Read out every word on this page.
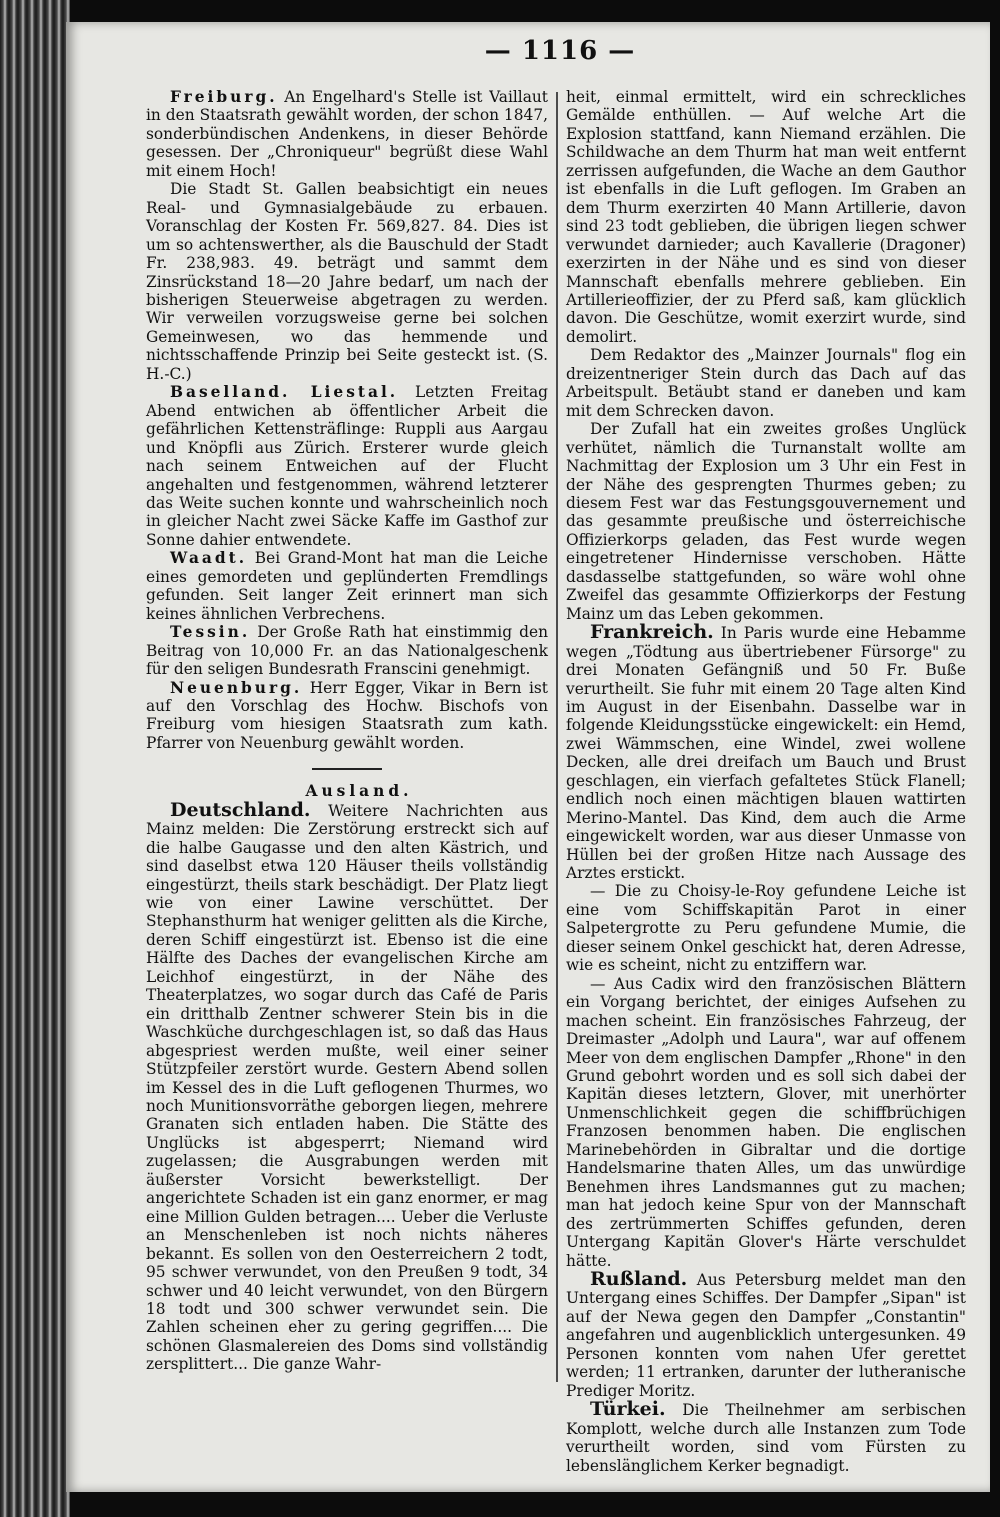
— 1116 —

Freiburg. An Engelhard's Stelle ist Vaillaut in den Staatsrath gewählt worden, der schon 1847, sonderbündischen Andenkens, in dieser Behörde gesessen. Der „Chroniqueur" begrüßt diese Wahl mit einem Hoch!

Die Stadt St. Gallen beabsichtigt ein neues Real- und Gymnasialgebäude zu erbauen. Voranschlag der Kosten Fr. 569,827. 84. Dies ist um so achtenswerther, als die Bauschuld der Stadt Fr. 238,983. 49. beträgt und sammt dem Zinsrückstand 18—20 Jahre bedarf, um nach der bisherigen Steuerweise abgetragen zu werden. Wir verweilen vorzugsweise gerne bei solchen Gemeinwesen, wo das hemmende und nichtsschaffende Prinzip bei Seite gesteckt ist. (S. H.-C.)

Baselland. Liestal. Letzten Freitag Abend entwichen ab öffentlicher Arbeit die gefährlichen Kettensträflinge: Ruppli aus Aargau und Knöpfli aus Zürich. Ersterer wurde gleich nach seinem Entweichen auf der Flucht angehalten und festgenommen, während letzterer das Weite suchen konnte und wahrscheinlich noch in gleicher Nacht zwei Säcke Kaffe im Gasthof zur Sonne dahier entwendete.

Waadt. Bei Grand-Mont hat man die Leiche eines gemordeten und geplünderten Fremdlings gefunden. Seit langer Zeit erinnert man sich keines ähnlichen Verbrechens.

Tessin. Der Große Rath hat einstimmig den Beitrag von 10,000 Fr. an das Nationalgeschenk für den seligen Bundesrath Franscini genehmigt.

Neuenburg. Herr Egger, Vikar in Bern ist auf den Vorschlag des Hochw. Bischofs von Freiburg vom hiesigen Staatsrath zum kath. Pfarrer von Neuenburg gewählt worden.

Ausland.

Deutschland. Weitere Nachrichten aus Mainz melden: Die Zerstörung erstreckt sich auf die halbe Gaugasse und den alten Kästrich, und sind daselbst etwa 120 Häuser theils vollständig eingestürzt, theils stark beschädigt. Der Platz liegt wie von einer Lawine verschüttet. Der Stephansthurm hat weniger gelitten als die Kirche, deren Schiff eingestürzt ist. Ebenso ist die eine Hälfte des Daches der evangelischen Kirche am Leichhof eingestürzt, in der Nähe des Theaterplatzes, wo sogar durch das Café de Paris ein dritthalb Zentner schwerer Stein bis in die Waschküche durchgeschlagen ist, so daß das Haus abgespriest werden mußte, weil einer seiner Stützpfeiler zerstört wurde. Gestern Abend sollen im Kessel des in die Luft geflogenen Thurmes, wo noch Munitionsvorräthe geborgen liegen, mehrere Granaten sich entladen haben. Die Stätte des Unglücks ist abgesperrt; Niemand wird zugelassen; die Ausgrabungen werden mit äußerster Vorsicht bewerkstelligt. Der angerichtete Schaden ist ein ganz enormer, er mag eine Million Gulden betragen.... Ueber die Verluste an Menschenleben ist noch nichts näheres bekannt. Es sollen von den Oesterreichern 2 todt, 95 schwer verwundet, von den Preußen 9 todt, 34 schwer und 40 leicht verwundet, von den Bürgern 18 todt und 300 schwer verwundet sein. Die Zahlen scheinen eher zu gering gegriffen.... Die schönen Glasmalereien des Doms sind vollständig zersplittert... Die ganze Wahr-

heit, einmal ermittelt, wird ein schreckliches Gemälde enthüllen. — Auf welche Art die Explosion stattfand, kann Niemand erzählen. Die Schildwache an dem Thurm hat man weit entfernt zerrissen aufgefunden, die Wache an dem Gauthor ist ebenfalls in die Luft geflogen. Im Graben an dem Thurm exerzirten 40 Mann Artillerie, davon sind 23 todt geblieben, die übrigen liegen schwer verwundet darnieder; auch Kavallerie (Dragoner) exerzirten in der Nähe und es sind von dieser Mannschaft ebenfalls mehrere geblieben. Ein Artillerieoffizier, der zu Pferd saß, kam glücklich davon. Die Geschütze, womit exerzirt wurde, sind demolirt.

Dem Redaktor des „Mainzer Journals" flog ein dreizentneriger Stein durch das Dach auf das Arbeitspult. Betäubt stand er daneben und kam mit dem Schrecken davon.

Der Zufall hat ein zweites großes Unglück verhütet, nämlich die Turnanstalt wollte am Nachmittag der Explosion um 3 Uhr ein Fest in der Nähe des gesprengten Thurmes geben; zu diesem Fest war das Festungsgouvernement und das gesammte preußische und österreichische Offizierkorps geladen, das Fest wurde wegen eingetretener Hindernisse verschoben. Hätte dasdasselbe stattgefunden, so wäre wohl ohne Zweifel das gesammte Offizierkorps der Festung Mainz um das Leben gekommen.

Frankreich. In Paris wurde eine Hebamme wegen „Tödtung aus übertriebener Fürsorge" zu drei Monaten Gefängniß und 50 Fr. Buße verurtheilt. Sie fuhr mit einem 20 Tage alten Kind im August in der Eisenbahn. Dasselbe war in folgende Kleidungsstücke eingewickelt: ein Hemd, zwei Wämmschen, eine Windel, zwei wollene Decken, alle drei dreifach um Bauch und Brust geschlagen, ein vierfach gefaltetes Stück Flanell; endlich noch einen mächtigen blauen wattirten Merino-Mantel. Das Kind, dem auch die Arme eingewickelt worden, war aus dieser Unmasse von Hüllen bei der großen Hitze nach Aussage des Arztes erstickt.

— Die zu Choisy-le-Roy gefundene Leiche ist eine vom Schiffskapitän Parot in einer Salpetergrotte zu Peru gefundene Mumie, die dieser seinem Onkel geschickt hat, deren Adresse, wie es scheint, nicht zu entziffern war.

— Aus Cadix wird den französischen Blättern ein Vorgang berichtet, der einiges Aufsehen zu machen scheint. Ein französisches Fahrzeug, der Dreimaster „Adolph und Laura", war auf offenem Meer von dem englischen Dampfer „Rhone" in den Grund gebohrt worden und es soll sich dabei der Kapitän dieses letztern, Glover, mit unerhörter Unmenschlichkeit gegen die schiffbrüchigen Franzosen benommen haben. Die englischen Marinebehörden in Gibraltar und die dortige Handelsmarine thaten Alles, um das unwürdige Benehmen ihres Landsmannes gut zu machen; man hat jedoch keine Spur von der Mannschaft des zertrümmerten Schiffes gefunden, deren Untergang Kapitän Glover's Härte verschuldet hätte.

Rußland. Aus Petersburg meldet man den Untergang eines Schiffes. Der Dampfer „Sipan" ist auf der Newa gegen den Dampfer „Constantin" angefahren und augenblicklich untergesunken. 49 Personen konnten vom nahen Ufer gerettet werden; 11 ertranken, darunter der lutheranische Prediger Moritz.

Türkei. Die Theilnehmer am serbischen Komplott, welche durch alle Instanzen zum Tode verurtheilt worden, sind vom Fürsten zu lebenslänglichem Kerker begnadigt.
